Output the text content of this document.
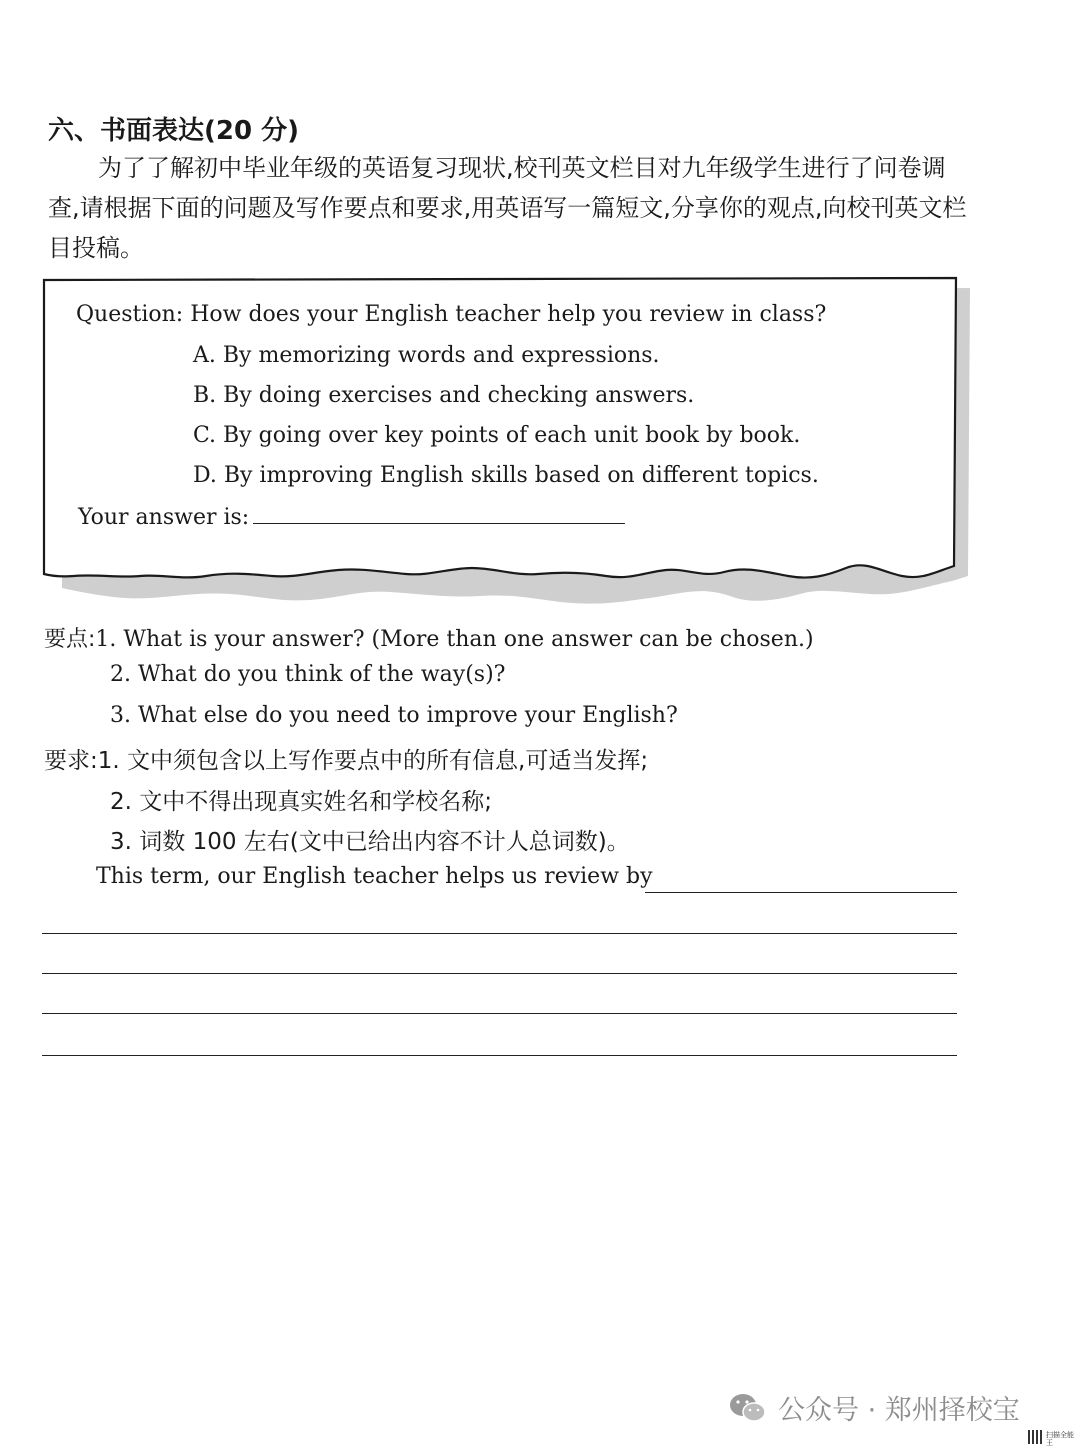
六、书面表达(20 分)
为了了解初中毕业年级的英语复习现状,校刊英文栏目对九年级学生进行了问卷调查,请根据下面的问题及写作要点和要求,用英语写一篇短文,分享你的观点,向校刊英文栏目投稿。
Question: How does your English teacher help you review in class?
A. By memorizing words and expressions.
B. By doing exercises and checking answers.
C. By going over key points of each unit book by book.
D. By improving English skills based on different topics.
Your answer is:
要点:1. What is your answer? (More than one answer can be chosen.)
2. What do you think of the way(s)?
3. What else do you need to improve your English?
要求:1. 文中须包含以上写作要点中的所有信息,可适当发挥;
2. 文中不得出现真实姓名和学校名称;
3. 词数 100 左右(文中已给出内容不计人总词数)。
This term, our English teacher helps us review by
公众号 · 郑州择校宝
扫描全能王
